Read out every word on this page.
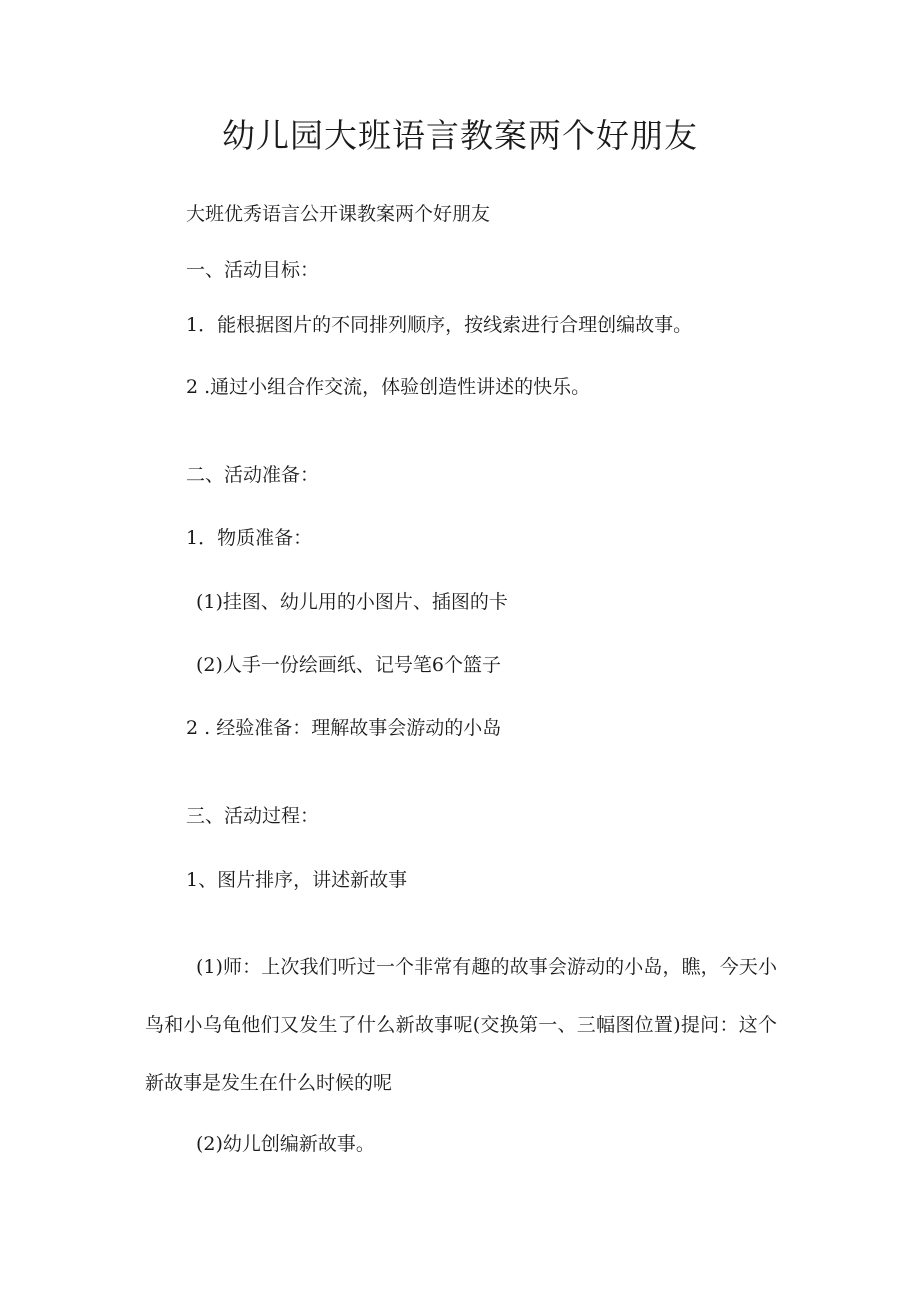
幼儿园大班语言教案两个好朋友
大班优秀语言公开课教案两个好朋友
一、活动目标：
1．能根据图片的不同排列顺序，按线索进行合理创编故事。
2 .通过小组合作交流，体验创造性讲述的快乐。
二、活动准备：
1．物质准备：
(1)挂图、幼儿用的小图片、插图的卡
(2)人手一份绘画纸、记号笔6个篮子
2 . 经验准备：理解故事会游动的小岛
三、活动过程：
1、图片排序，讲述新故事
(1)师：上次我们听过一个非常有趣的故事会游动的小岛，瞧，今天小鸟和小乌龟他们又发生了什么新故事呢(交换第一、三幅图位置)提问：这个新故事是发生在什么时候的呢
(2)幼儿创编新故事。
